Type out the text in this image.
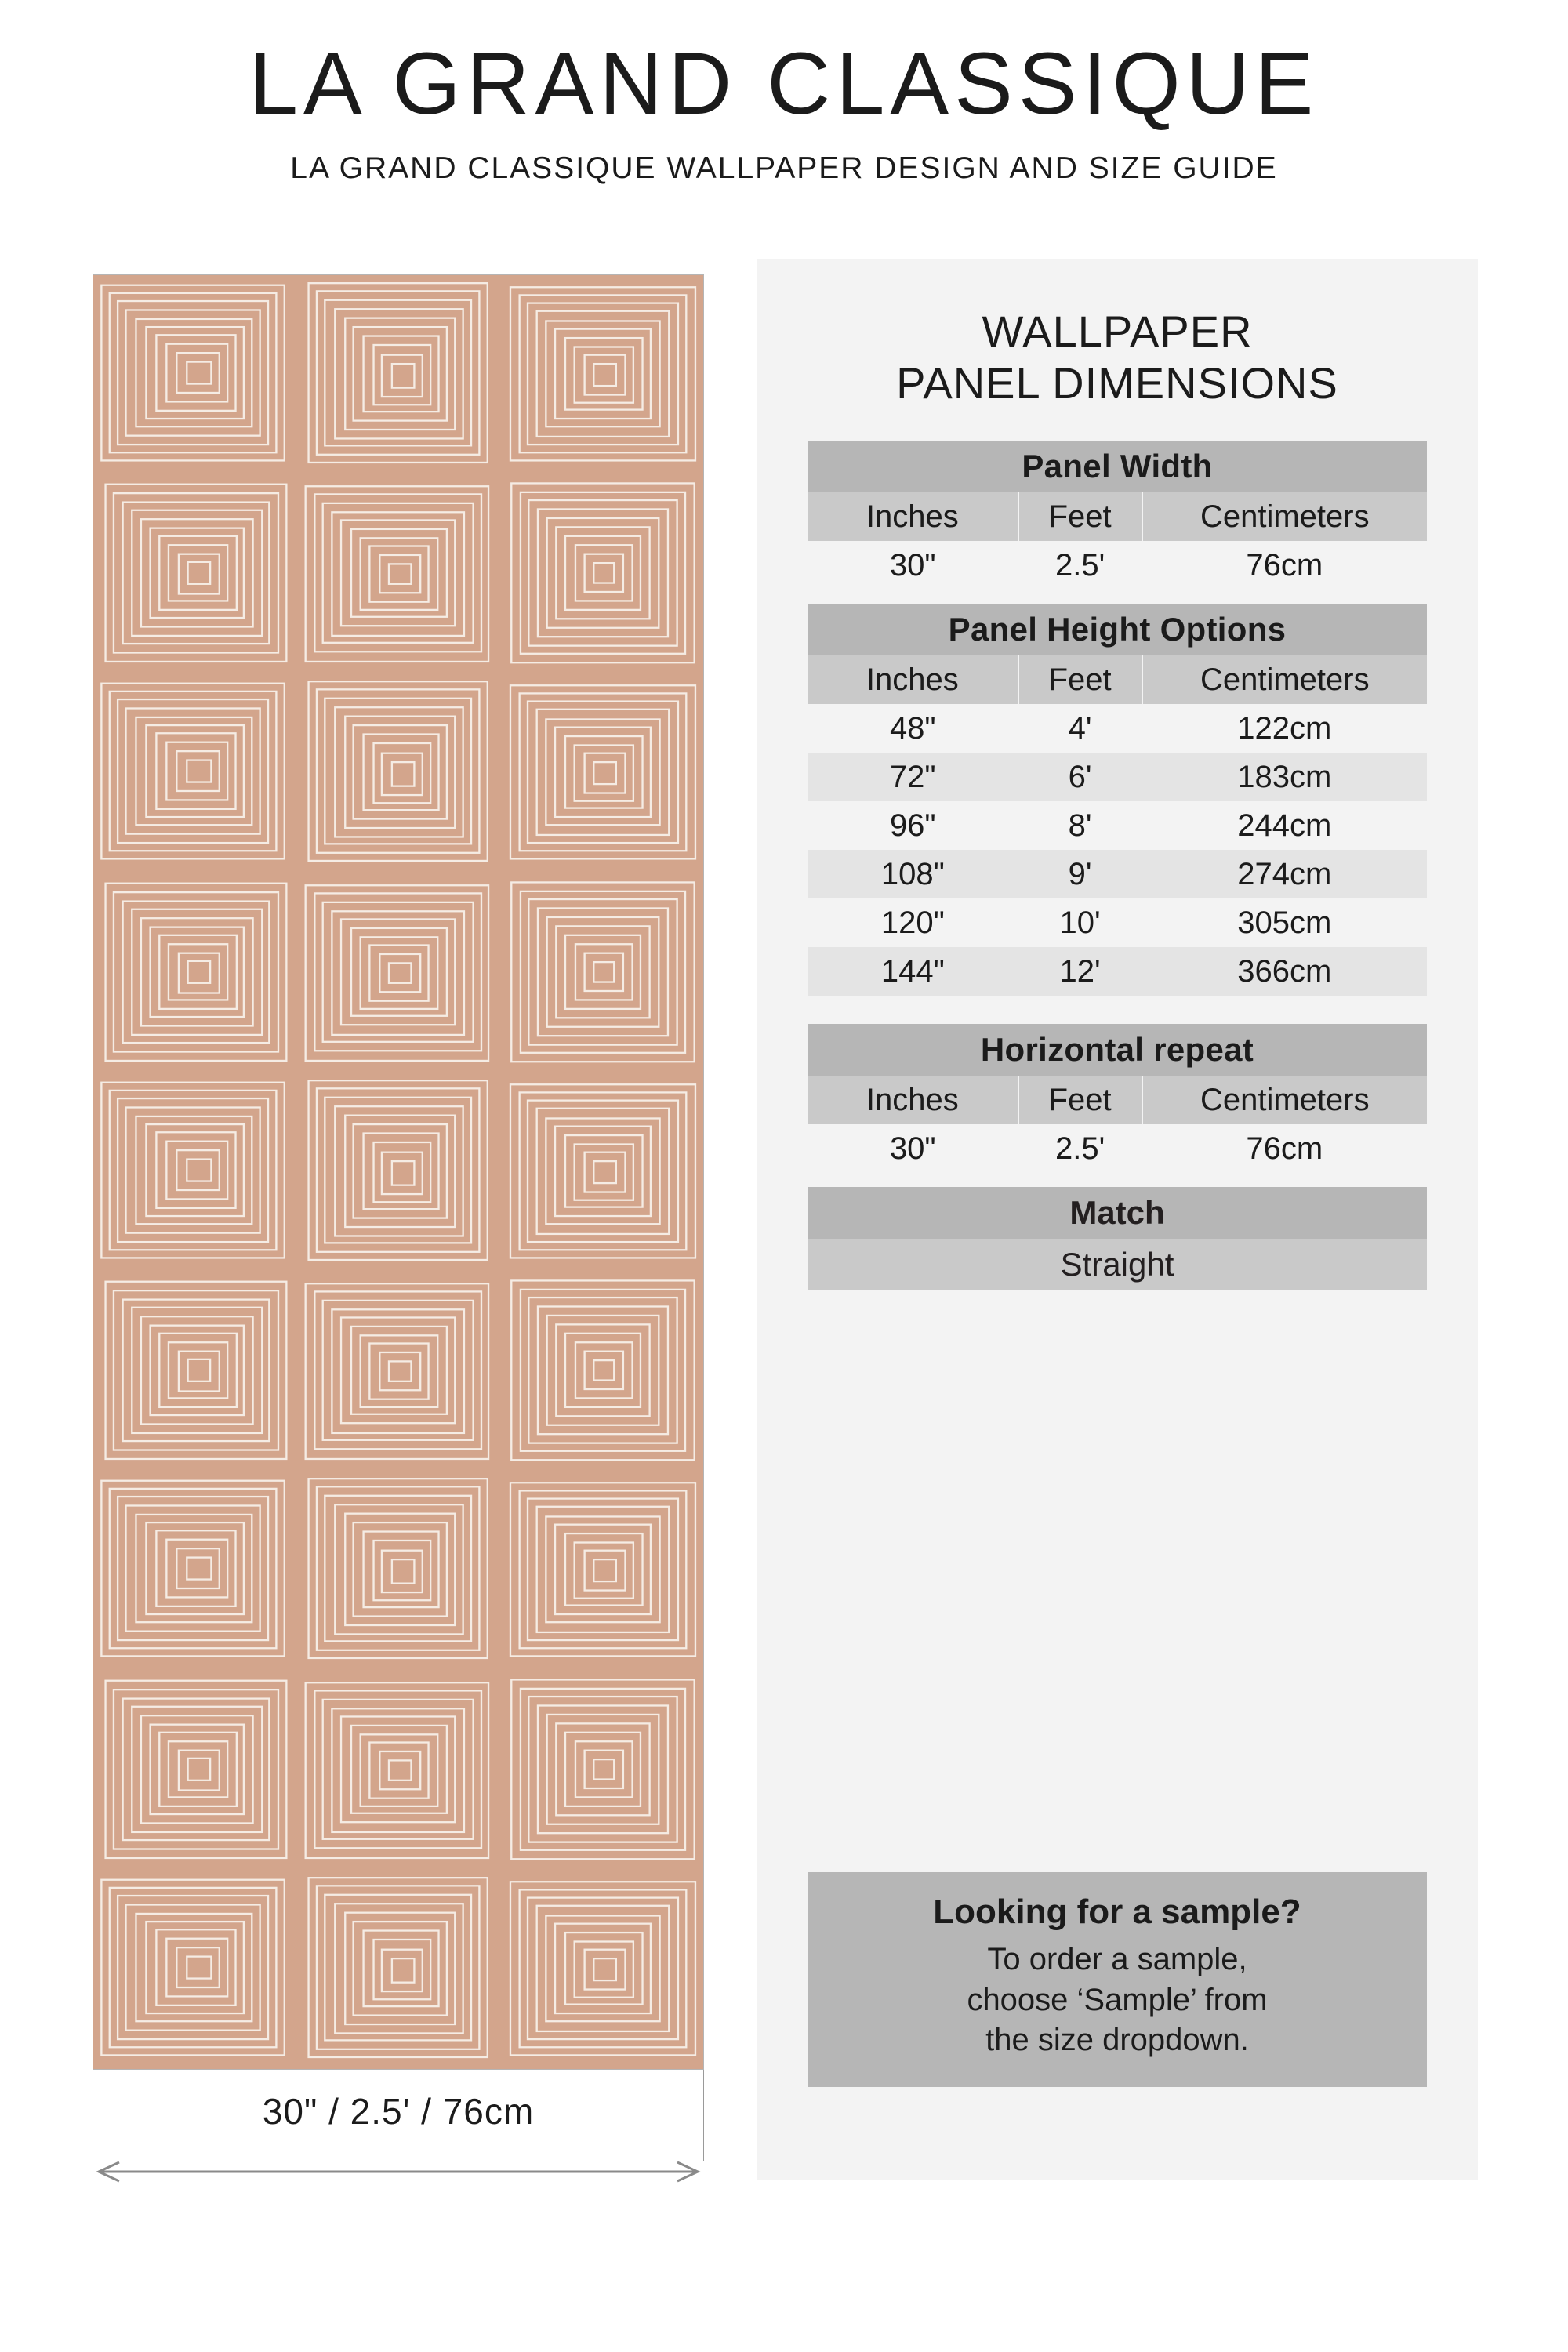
LA GRAND CLASSIQUE
LA GRAND CLASSIQUE WALLPAPER DESIGN AND SIZE GUIDE
30" / 2.5' / 76cm
WALLPAPER
PANEL DIMENSIONS
Panel Width		
Inches	Feet	Centimeters
30"	2.5'	76cm
Panel Height Options		
Inches	Feet	Centimeters
48"	4'	122cm
72"	6'	183cm
96"	8'	244cm
108"	9'	274cm
120"	10'	305cm
144"	12'	366cm
Horizontal repeat		
Inches	Feet	Centimeters
30"	2.5'	76cm
Match
Straight
Looking for a sample?
To order a sample,
choose ‘Sample’ from
the size dropdown.
